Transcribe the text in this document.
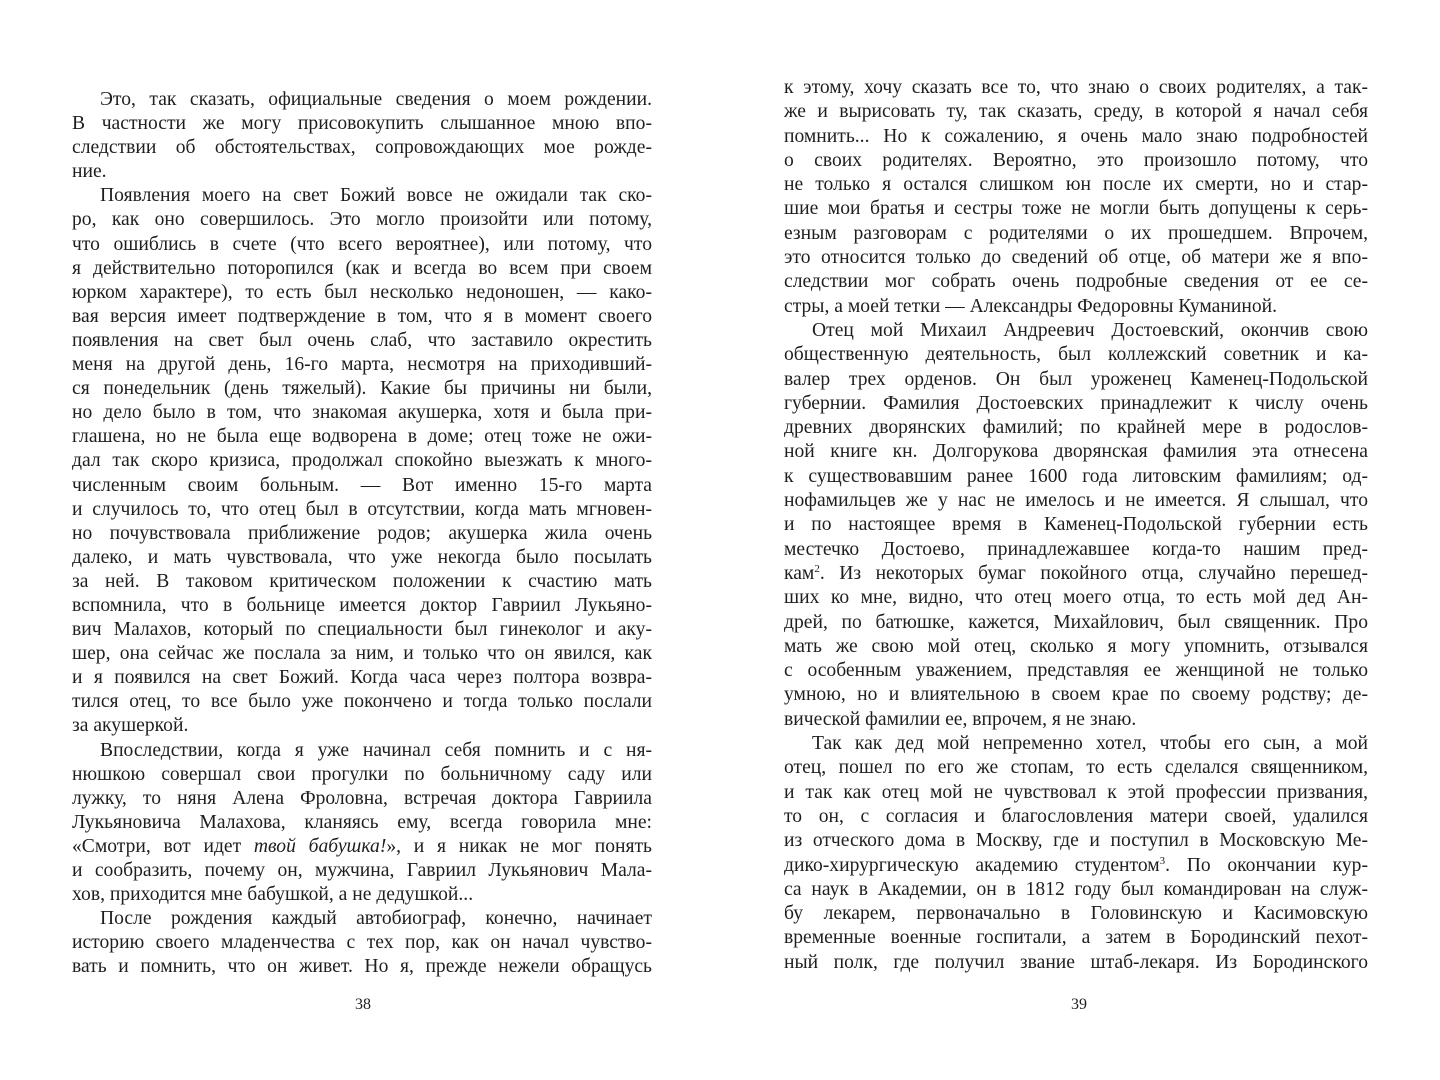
Это, так сказать, официальные сведения о моем рождении.
В частности же могу присовокупить слышанное мною впо-
следствии об обстоятельствах, сопровождающих мое рожде-
ние.
Появления моего на свет Божий вовсе не ожидали так ско-
ро, как оно совершилось. Это могло произойти или потому,
что ошиблись в счете (что всего вероятнее), или потому, что
я действительно поторопился (как и всегда во всем при своем
юрком характере), то есть был несколько недоношен, — како-
вая версия имеет подтверждение в том, что я в момент своего
появления на свет был очень слаб, что заставило окрестить
меня на другой день, 16-го марта, несмотря на приходивший-
ся понедельник (день тяжелый). Какие бы причины ни были,
но дело было в том, что знакомая акушерка, хотя и была при-
глашена, но не была еще водворена в доме; отец тоже не ожи-
дал так скоро кризиса, продолжал спокойно выезжать к много-
численным своим больным. — Вот именно 15-го марта
и случилось то, что отец был в отсутствии, когда мать мгновен-
но почувствовала приближение родов; акушерка жила очень
далеко, и мать чувствовала, что уже некогда было посылать
за ней. В таковом критическом положении к счастию мать
вспомнила, что в больнице имеется доктор Гавриил Лукьяно-
вич Малахов, который по специальности был гинеколог и аку-
шер, она сейчас же послала за ним, и только что он явился, как
и я появился на свет Божий. Когда часа через полтора возвра-
тился отец, то все было уже покончено и тогда только послали
за акушеркой.
Впоследствии, когда я уже начинал себя помнить и с ня-
нюшкою совершал свои прогулки по больничному саду или
лужку, то няня Алена Фроловна, встречая доктора Гавриила
Лукьяновича Малахова, кланяясь ему, всегда говорила мне:
«Смотри, вот идет твой бабушка!», и я никак не мог понять
и сообразить, почему он, мужчина, Гавриил Лукьянович Мала-
хов, приходится мне бабушкой, а не дедушкой...
После рождения каждый автобиограф, конечно, начинает
историю своего младенчества с тех пор, как он начал чувство-
вать и помнить, что он живет. Но я, прежде нежели обращусь
к этому, хочу сказать все то, что знаю о своих родителях, а так-
же и вырисовать ту, так сказать, среду, в которой я начал себя
помнить... Но к сожалению, я очень мало знаю подробностей
о своих родителях. Вероятно, это произошло потому, что
не только я остался слишком юн после их смерти, но и стар-
шие мои братья и сестры тоже не могли быть допущены к серь-
езным разговорам с родителями о их прошедшем. Впрочем,
это относится только до сведений об отце, об матери же я впо-
следствии мог собрать очень подробные сведения от ее се-
стры, а моей тетки — Александры Федоровны Куманиной.
Отец мой Михаил Андреевич Достоевский, окончив свою
общественную деятельность, был коллежский советник и ка-
валер трех орденов. Он был уроженец Каменец-Подольской
губернии. Фамилия Достоевских принадлежит к числу очень
древних дворянских фамилий; по крайней мере в родослов-
ной книге кн. Долгорукова дворянская фамилия эта отнесена
к существовавшим ранее 1600 года литовским фамилиям; од-
нофамильцев же у нас не имелось и не имеется. Я слышал, что
и по настоящее время в Каменец-Подольской губернии есть
местечко Достоево, принадлежавшее когда-то нашим пред-
кам$^2$. Из некоторых бумаг покойного отца, случайно перешед-
ших ко мне, видно, что отец моего отца, то есть мой дед Ан-
дрей, по батюшке, кажется, Михайлович, был священник. Про
мать же свою мой отец, сколько я могу упомнить, отзывался
с особенным уважением, представляя ее женщиной не только
умною, но и влиятельною в своем крае по своему родству; де-
вической фамилии ее, впрочем, я не знаю.
Так как дед мой непременно хотел, чтобы его сын, а мой
отец, пошел по его же стопам, то есть сделался священником,
и так как отец мой не чувствовал к этой профессии призвания,
то он, с согласия и благословления матери своей, удалился
из отческого дома в Москву, где и поступил в Московскую Ме-
дико-хирургическую академию студентом$^3$. По окончании кур-
са наук в Академии, он в 1812 году был командирован на служ-
бу лекарем, первоначально в Головинскую и Касимовскую
временные военные госпитали, а затем в Бородинский пехот-
ный полк, где получил звание штаб-лекаря. Из Бородинского
38	39
